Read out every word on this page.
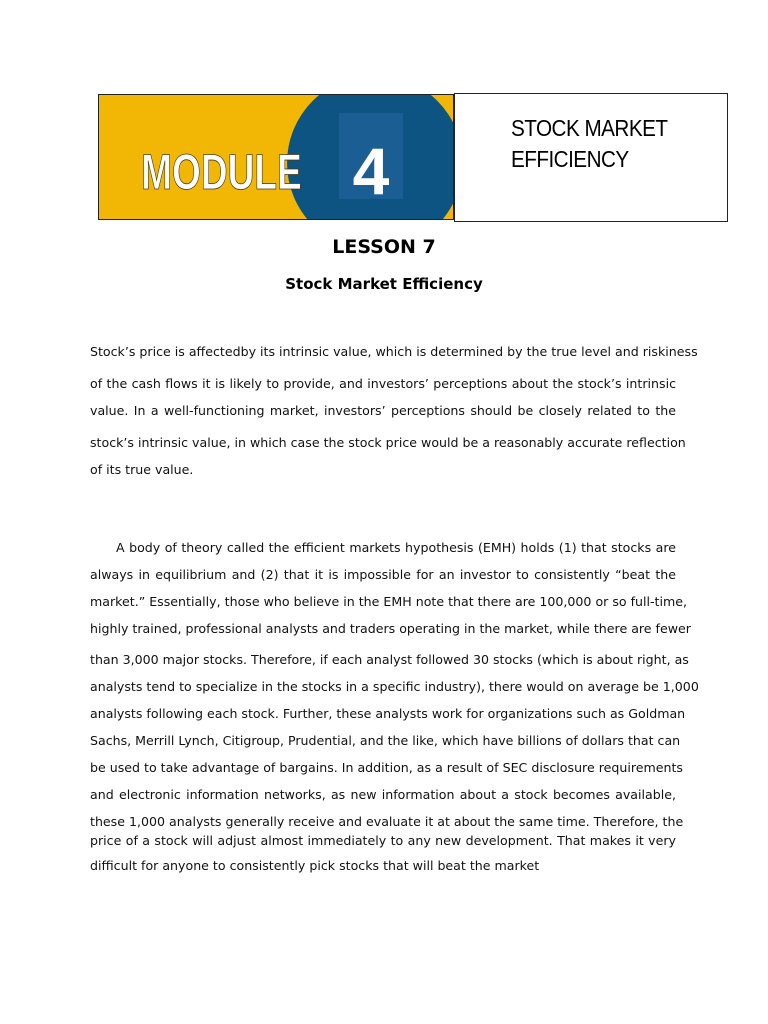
MODULE 4
STOCK MARKET
EFFICIENCY
LESSON 7
Stock Market Efficiency
Stock’s price is affectedby its intrinsic value, which is determined by the true level and riskiness
of the cash flows it is likely to provide, and investors’ perceptions about the stock’s intrinsic
value. In a well-functioning market, investors’ perceptions should be closely related to the
stock’s intrinsic value, in which case the stock price would be a reasonably accurate reflection
of its true value.
A body of theory called the efficient markets hypothesis (EMH) holds (1) that stocks are
always in equilibrium and (2) that it is impossible for an investor to consistently “beat the
market.” Essentially, those who believe in the EMH note that there are 100,000 or so full-time,
highly trained, professional analysts and traders operating in the market, while there are fewer
than 3,000 major stocks. Therefore, if each analyst followed 30 stocks (which is about right, as
analysts tend to specialize in the stocks in a specific industry), there would on average be 1,000
analysts following each stock. Further, these analysts work for organizations such as Goldman
Sachs, Merrill Lynch, Citigroup, Prudential, and the like, which have billions of dollars that can
be used to take advantage of bargains. In addition, as a result of SEC disclosure requirements
and electronic information networks, as new information about a stock becomes available,
these 1,000 analysts generally receive and evaluate it at about the same time. Therefore, the
price of a stock will adjust almost immediately to any new development. That makes it very
difficult for anyone to consistently pick stocks that will beat the market
